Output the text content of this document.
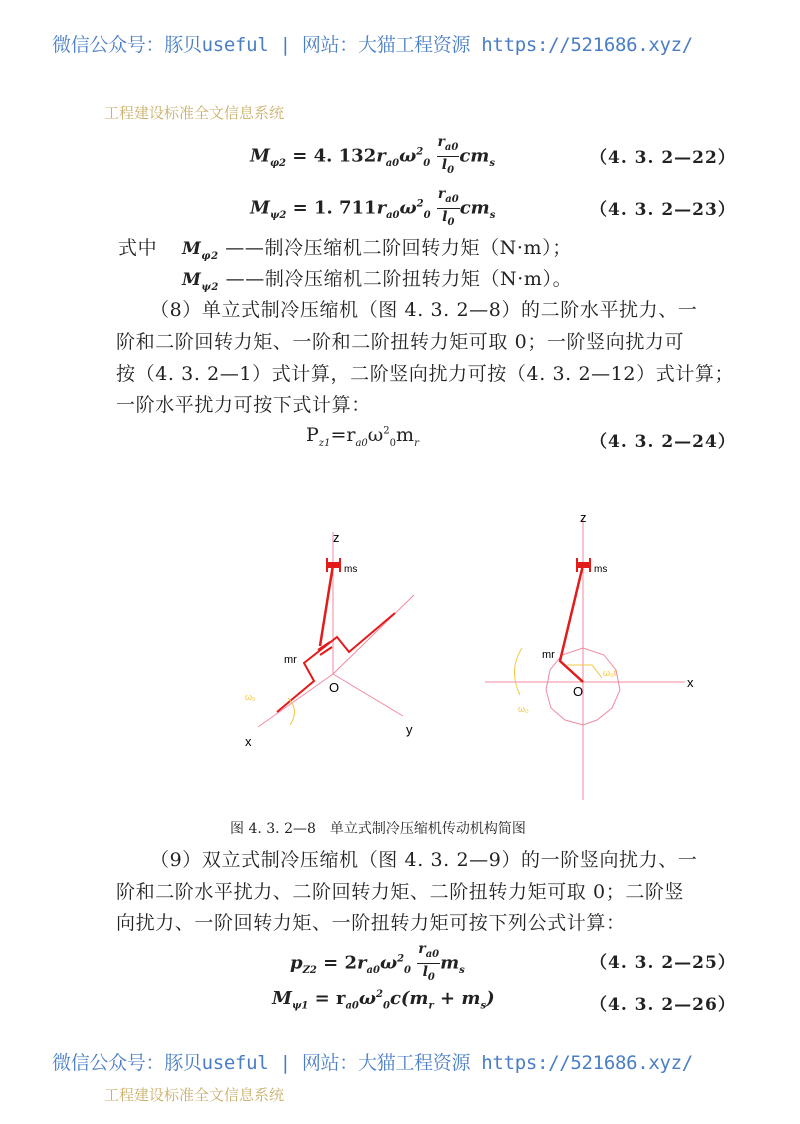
微信公众号：豚贝useful | 网站：大猫工程资源 https://521686.xyz/
工程建设标准全文信息系统
$M_{\varphi 2} = 4$. $132r_{a0}\omega^2_0 \frac{r_{a0}}{l_0} cm_s$	（4. 3. 2—22）
$M_{\psi 2} = 1$. $711r_{a0}\omega^2_0 \frac{r_{a0}}{l_0} cm_s$	（4. 3. 2—23）
式中 $M_{\varphi 2}$ ——制冷压缩机二阶回转力矩（N·m）；
$M_{\psi 2}$ ——制冷压缩机二阶扭转力矩（N·m）。
（8）单立式制冷压缩机（图 4. 3. 2—8）的二阶水平扰力、一
阶和二阶回转力矩、一阶和二阶扭转力矩可取 0；一阶竖向扰力可
按（4. 3. 2—1）式计算，二阶竖向扰力可按（4. 3. 2—12）式计算；
一阶水平扰力可按下式计算：
$P_{z1}=r_{a0}\omega^2_0m_r$	（4. 3. 2—24）
z
ms
mr
O
x
y
ω₀
z
ms
mr
O
x
ω₀t
ω₀
图 4. 3. 2—8　单立式制冷压缩机传动机构简图
（9）双立式制冷压缩机（图 4. 3. 2—9）的一阶竖向扰力、一
阶和二阶水平扰力、二阶回转力矩、二阶扭转力矩可取 0；二阶竖
向扰力、一阶回转力矩、一阶扭转力矩可按下列公式计算：
$p_{Z2} = 2r_{a0}\omega^2_0 \frac{r_{a0}}{l_0} m_s$	（4. 3. 2—25）
$M_{\psi 1} = r_{a0}\omega^2_0c(m_r + m_s)$	（4. 3. 2—26）
微信公众号：豚贝useful | 网站：大猫工程资源 https://521686.xyz/
工程建设标准全文信息系统
